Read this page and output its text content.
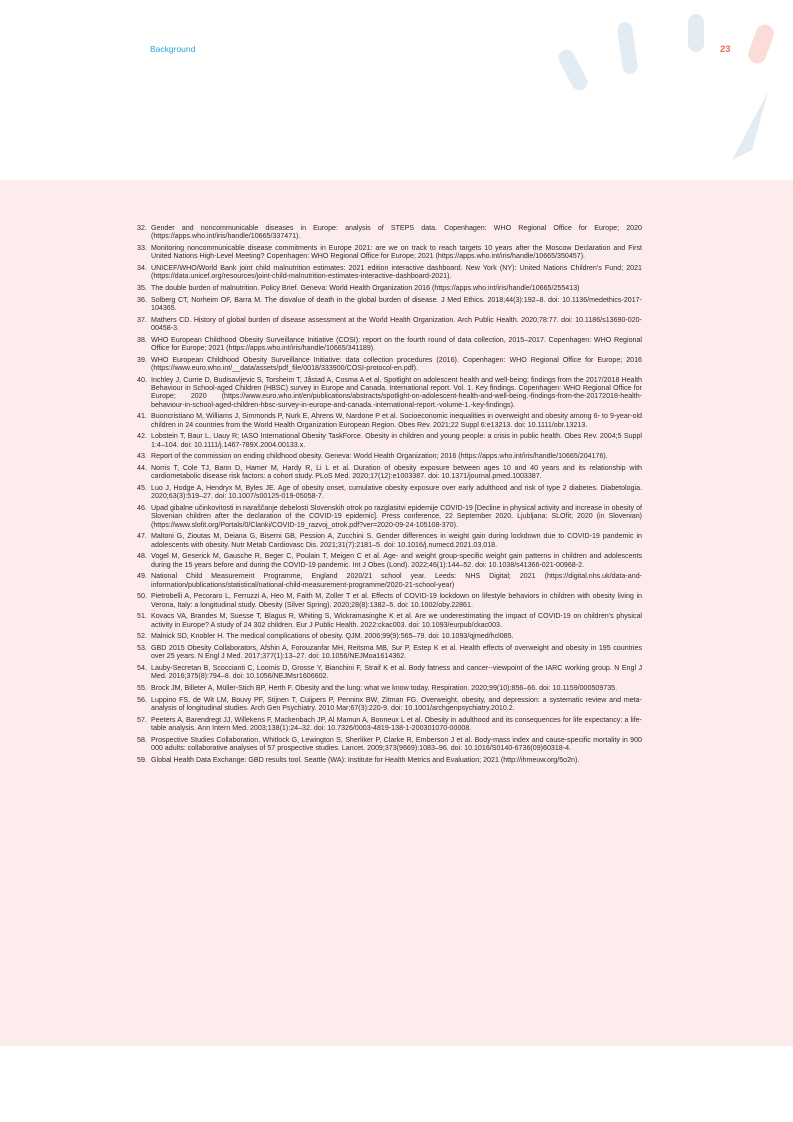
Background	23
32. Gender and noncommunicable diseases in Europe: analysis of STEPS data. Copenhagen: WHO Regional Office for Europe; 2020 (https://apps.who.int/iris/handle/10665/337471).
33. Monitoring noncommunicable disease commitments in Europe 2021: are we on track to reach targets 10 years after the Moscow Declaration and First United Nations High-Level Meeting? Copenhagen: WHO Regional Office for Europe; 2021 (https://apps.who.int/iris/handle/10665/350457).
34. UNICEF/WHO/World Bank joint child malnutrition estimates: 2021 edition interactive dashboard. New York (NY): United Nations Children’s Fund; 2021 (https://data.unicef.org/resources/joint-child-malnutrition-estimates-interactive-dashboard-2021).
35. The double burden of malnutrition. Policy Brief. Geneva: World Health Organization 2016 (https://apps.who.int/iris/handle/10665/255413)
36. Solberg CT, Norheim OF, Barra M. The disvalue of death in the global burden of disease. J Med Ethics. 2018;44(3):192–8. doi: 10.1136/medethics-2017-104365.
37. Mathers CD. History of global burden of disease assessment at the World Health Organization. Arch Public Health. 2020;78:77. doi: 10.1186/s13690-020-00458-3.
38. WHO European Childhood Obesity Surveillance Initiative (COSI): report on the fourth round of data collection, 2015–2017. Copenhagen: WHO Regional Office for Europe; 2021 (https://apps.who.int/iris/handle/10665/341189).
39. WHO European Childhood Obesity Surveillance Initiative: data collection procedures (2016). Copenhagen: WHO Regional Office for Europe; 2016 (https://www.euro.who.int/__data/assets/pdf_file/0018/333900/COSI-protocol-en.pdf).
40. Inchley J, Currie D, Budisavljevic S, Torsheim T, Jåstad A, Cosma A et al. Spotlight on adolescent health and well-being: findings from the 2017/2018 Health Behaviour in School-aged Children (HBSC) survey in Europe and Canada. International report. Vol. 1. Key findings. Copenhagen: WHO Regional Office for Europe; 2020 (https://www.euro.who.int/en/publications/abstracts/spotlight-on-adolescent-health-and-well-being.-findings-from-the-20172018-health-behaviour-in-school-aged-children-hbsc-survey-in-europe-and-canada.-international-report.-volume-1.-key-findings).
41. Buoncristiano M, Williams J, Simmonds P, Nurk E, Ahrens W, Nardone P et al. Socioeconomic inequalities in overweight and obesity among 6- to 9-year-old children in 24 countries from the World Health Organization European Region. Obes Rev. 2021;22 Suppl 6:e13213. doi: 10.1111/obr.13213.
42. Lobstein T, Baur L, Uauy R; IASO International Obesity TaskForce. Obesity in children and young people: a crisis in public health. Obes Rev. 2004;5 Suppl 1:4–104. doi: 10.1111/j.1467-789X.2004.00133.x.
43. Report of the commission on ending childhood obesity. Geneva: World Health Organization; 2016 (https://apps.who.int/iris/handle/10665/204176).
44. Norris T, Cole TJ, Bann D, Hamer M, Hardy R, Li L et al. Duration of obesity exposure between ages 10 and 40 years and its relationship with cardiometabolic disease risk factors: a cohort study. PLoS Med. 2020;17(12):e1003387. doi: 10.1371/journal.pmed.1003387.
45. Luo J, Hodge A, Hendryx M, Byles JE. Age of obesity onset, cumulative obesity exposure over early adulthood and risk of type 2 diabetes. Diabetologia. 2020;63(3):519–27. doi: 10.1007/s00125-019-05058-7.
46. Upad gibalne učinkovitosti in naraščanje debelosti Slovenskih otrok po razglasitvi epidemije COVID-19 [Decline in physical activity and increase in obesity of Slovenian children after the declaration of the COVID-19 epidemic]. Press conference, 22 September 2020. Ljubljana: SLOfit; 2020 (in Slovenian) (https://www.slofit.org/Portals/0/Clanki/COVID-19_razvoj_otrok.pdf?ver=2020-09-24-105108-370).
47. Maltoni G, Zioutas M, Deiana G, Biserni GB, Pession A, Zucchini S. Gender differences in weight gain during lockdown due to COVID-19 pandemic in adolescents with obesity. Nutr Metab Cardiovasc Dis. 2021;31(7):2181–5. doi: 10.1016/j.numecd.2021.03.018.
48. Vogel M, Geserick M, Gausche R, Beger C, Poulain T, Meigen C et al. Age- and weight group-specific weight gain patterns in children and adolescents during the 15 years before and during the COVID-19 pandemic. Int J Obes (Lond). 2022;46(1):144–52. doi: 10.1038/s41366-021-00968-2.
49. National Child Measurement Programme, England 2020/21 school year. Leeds: NHS Digital; 2021 (https://digital.nhs.uk/data-and-information/publications/statistical/national-child-measurement-programme/2020-21-school-year)
50. Pietrobelli A, Pecoraro L, Ferruzzi A, Heo M, Faith M, Zoller T et al. Effects of COVID-19 lockdown on lifestyle behaviors in children with obesity living in Verona, Italy: a longitudinal study. Obesity (Silver Spring). 2020;28(8):1382–5. doi: 10.1002/oby.22861.
51. Kovacs VA, Brandes M, Suesse T, Blagus R, Whiting S, Wickramasinghe K et al. Are we underestimating the impact of COVID-19 on children’s physical activity in Europe? A study of 24 302 children. Eur J Public Health. 2022:ckac003. doi: 10.1093/eurpub/ckac003.
52. Malnick SD, Knobler H. The medical complications of obesity. QJM. 2006;99(9):565–79. doi: 10.1093/qjmed/hcl085.
53. GBD 2015 Obesity Collaborators, Afshin A, Forouzanfar MH, Reitsma MB, Sur P, Estep K et al. Health effects of overweight and obesity in 195 countries over 25 years. N Engl J Med. 2017;377(1):13–27. doi: 10.1056/NEJMoa1614362.
54. Lauby-Secretan B, Scoccianti C, Loomis D, Grosse Y, Bianchini F, Straif K et al. Body fatness and cancer--viewpoint of the IARC working group. N Engl J Med. 2016;375(8):794–8. doi: 10.1056/NEJMsr1606602.
55. Brock JM, Billeter A, Müller-Stich BP, Herth F. Obesity and the lung: what we know today. Respiration. 2020;99(10):856–66. doi: 10.1159/000509735.
56. Luppino FS, de Wit LM, Bouvy PF, Stijnen T, Cuijpers P, Penninx BW, Zitman FG. Overweight, obesity, and depression: a systematic review and meta-analysis of longitudinal studies. Arch Gen Psychiatry. 2010 Mar;67(3):220-9. doi: 10.1001/archgenpsychiatry.2010.2.
57. Peeters A, Barendregt JJ, Willekens F, Mackenbach JP, Al Mamun A, Bonneux L et al. Obesity in adulthood and its consequences for life expectancy: a life-table analysis. Ann Intern Med. 2003;138(1):24–32. doi: 10.7326/0003-4819-138-1-200301070-00008.
58. Prospective Studies Collaboration, Whitlock G, Lewington S, Sherliker P, Clarke R, Emberson J et al. Body-mass index and cause-specific mortality in 900 000 adults: collaborative analyses of 57 prospective studies. Lancet. 2009;373(9669):1083–96. doi: 10.1016/S0140-6736(09)60318-4.
59. Global Health Data Exchange: GBD results tool. Seattle (WA): Institute for Health Metrics and Evaluation; 2021 (http://ihmeuw.org/5o2n).
